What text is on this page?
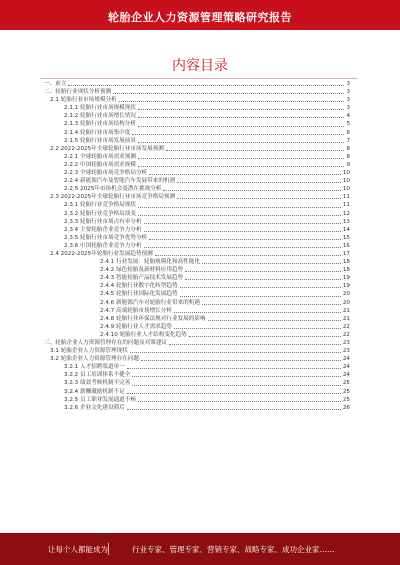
轮胎企业人力资源管理策略研究报告
内容目录
一、前言	3
二、轮胎行业现状分析预测	3
2.1 轮胎行业市场规模分析	3
2.1.1 轮胎行业市场规模现状	3
2.1.2 轮胎行业市场增长情况	4
2.1.3 轮胎行业市场结构分析	5
2.1.4 轮胎行业市场集中度	6
2.1.5 轮胎行业市场发展前景	7
2.2 2022-2025年全球轮胎行业市场发展预测	8
2.2.1 全球轮胎市场需求预测	8
2.2.2 中国轮胎市场需求规模	9
2.2.3 全球轮胎市场竞争格局分析	10
2.2.4 新能源汽车及智能汽车发展带来的机遇	10
2.2.5 2025年市场机会及潜在挑战分析	10
2.3 2022-2025年全球轮胎行业市场竞争格局预测	11
2.3.1 轮胎行业竞争格局现状	11
2.3.2 轮胎行业竞争格局演变	12
2.3.3 轮胎行业市场占有率分析	13
2.3.4 主要轮胎企业竞争力分析	14
2.3.5 轮胎行业市场竞争优势分析	15
2.3.6 中国轮胎企业竞争力分析	16
2.4 2022-2025年轮胎行业发展趋势预测	17
2.4.1 行业发展：轮胎规模化和高性能化	18
2.4.2 绿色轮胎及新材料应用趋势	18
2.4.3 智能轮胎产品技术发展趋势	19
2.4.4 轮胎行业数字化转型趋势	19
2.4.5 轮胎行业国际化发展趋势	20
2.4.6 新能源汽车对轮胎行业带来的机遇	20
2.4.7 高端轮胎市场增长分析	21
2.4.8 轮胎行业环保法规对行业发展的影响	21
2.4.9 轮胎行业人才需求趋势	22
2.4.10 轮胎行业人才结构变化趋势	22
三、轮胎企业人力资源管理存在的问题及对策建议	23
3.1 轮胎企业人力资源管理现状	23
3.2 轮胎企业人力资源管理存在问题	24
3.2.1 人才招聘渠道单一	24
3.2.2 员工培训体系不健全	24
3.2.3 绩效考核机制不完善	25
3.2.4 薪酬激励机制不足	25
3.2.5 员工职业发展通道不畅	25
3.2.6 企业文化建设滞后	26
让每个人都能成为	行业专家、管理专家、营销专家、战略专家、成功企业家……
